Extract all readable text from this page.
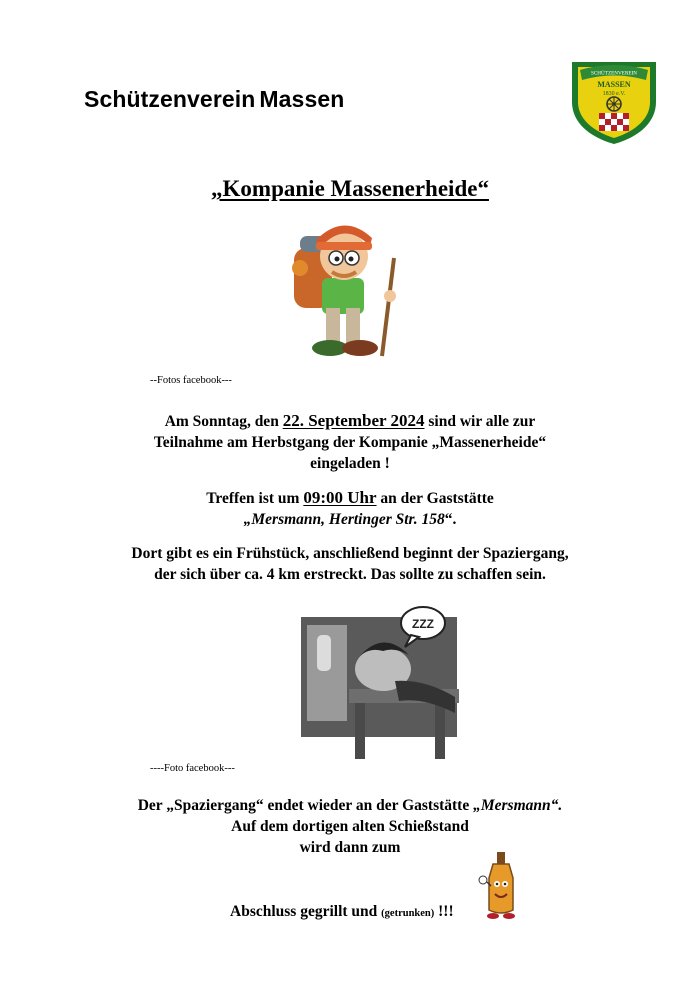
Schützenverein Massen
SCHÜTZENVEREIN
MASSEN
1830 e.V.
„Kompanie Massenerheide“
--Fotos facebook---
Am Sonntag, den 22. September 2024 sind wir alle zur
Teilnahme am Herbstgang der Kompanie „Massenerheide“
eingeladen !
Treffen ist um 09:00 Uhr an der Gaststätte
„Mersmann, Hertinger Str. 158“.
Dort gibt es ein Frühstück, anschließend beginnt der Spaziergang,
der sich über ca. 4 km erstreckt. Das sollte zu schaffen sein.
ZZZ
----Foto facebook---
Der „Spaziergang“ endet wieder an der Gaststätte „Mersmann“.
Auf dem dortigen alten Schießstand
wird dann zum
Abschluss gegrillt und (getrunken) !!!
